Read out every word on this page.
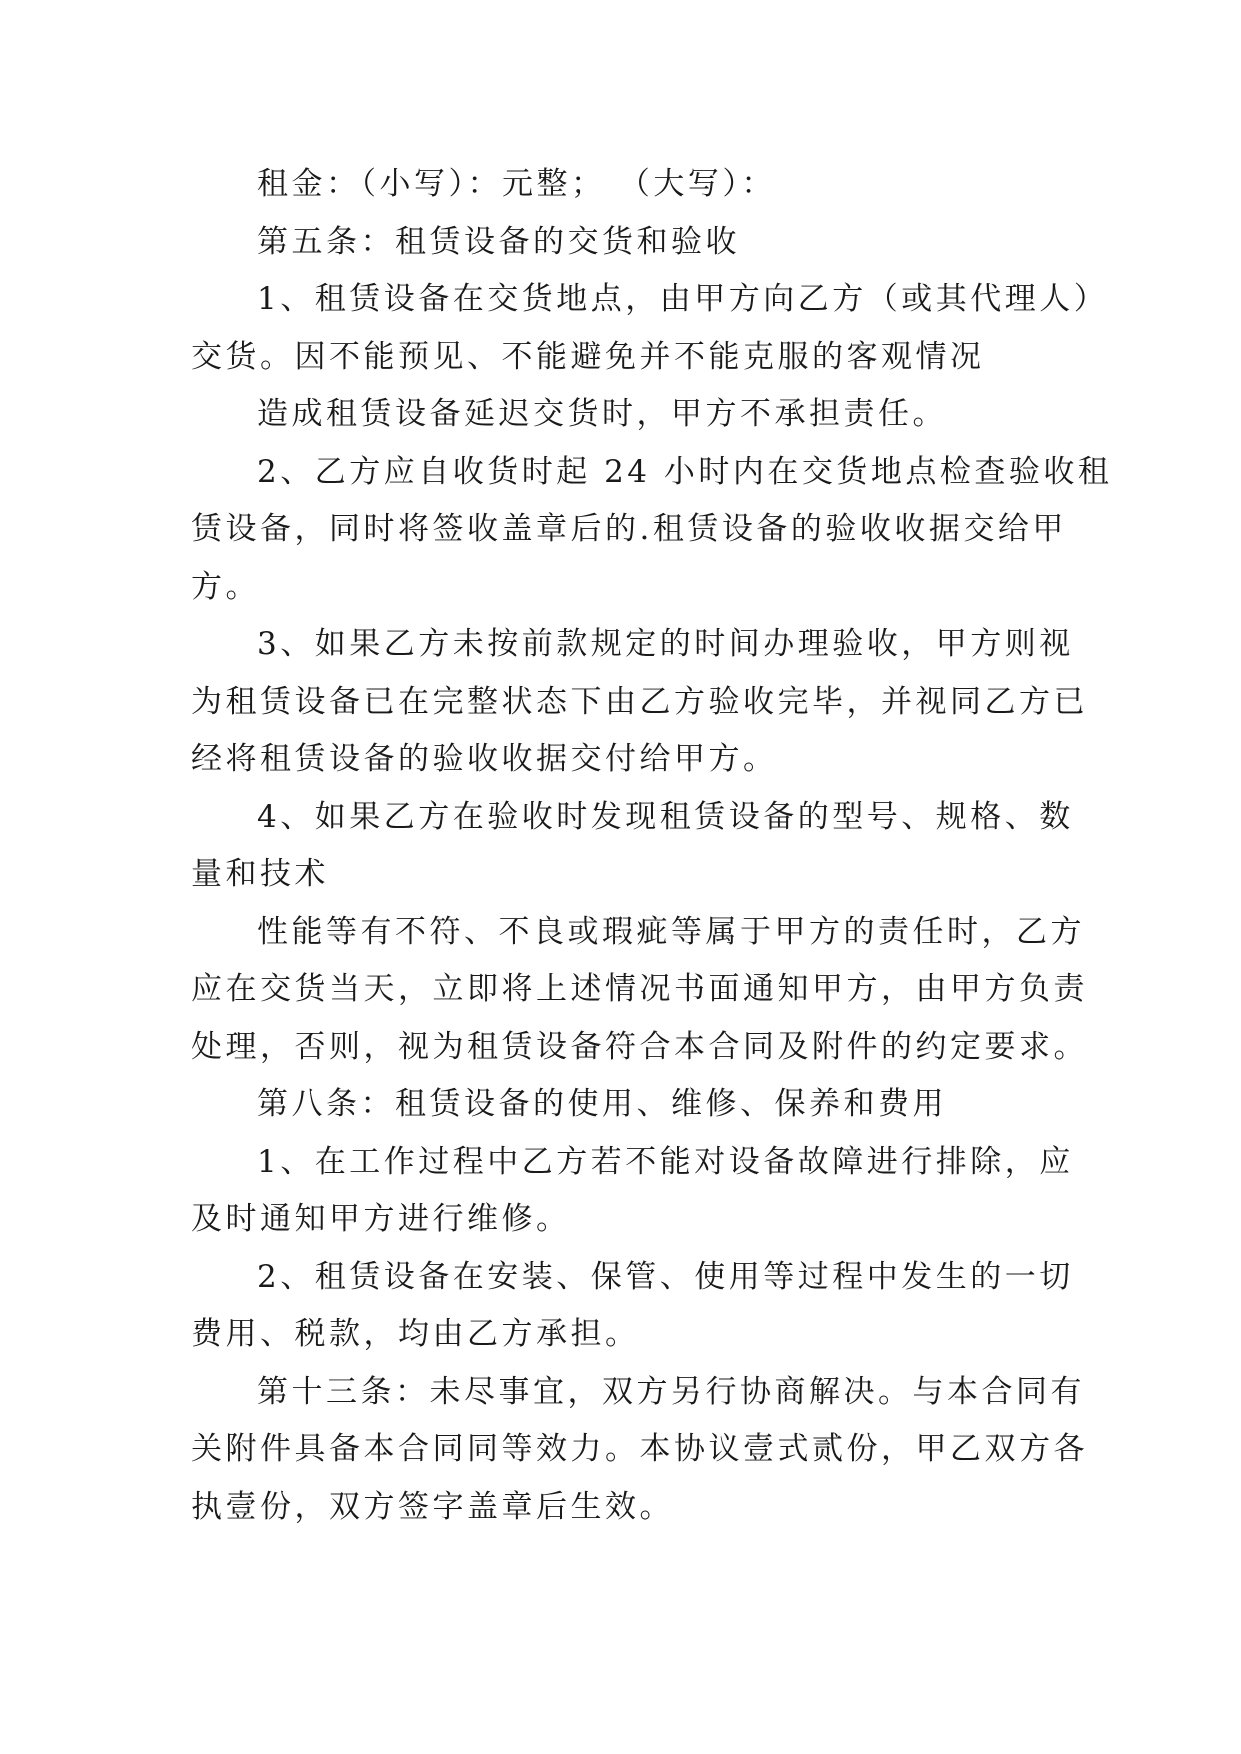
租金：（小写）：元整； （大写）：
第五条：租赁设备的交货和验收
1、租赁设备在交货地点，由甲方向乙方（或其代理人）
交货。因不能预见、不能避免并不能克服的客观情况
造成租赁设备延迟交货时，甲方不承担责任。
2、乙方应自收货时起 24 小时内在交货地点检查验收租
赁设备，同时将签收盖章后的.租赁设备的验收收据交给甲
方。
3、如果乙方未按前款规定的时间办理验收，甲方则视
为租赁设备已在完整状态下由乙方验收完毕，并视同乙方已
经将租赁设备的验收收据交付给甲方。
4、如果乙方在验收时发现租赁设备的型号、规格、数
量和技术
性能等有不符、不良或瑕疵等属于甲方的责任时，乙方
应在交货当天，立即将上述情况书面通知甲方，由甲方负责
处理，否则，视为租赁设备符合本合同及附件的约定要求。
第八条：租赁设备的使用、维修、保养和费用
1、在工作过程中乙方若不能对设备故障进行排除，应
及时通知甲方进行维修。
2、租赁设备在安装、保管、使用等过程中发生的一切
费用、税款，均由乙方承担。
第十三条：未尽事宜，双方另行协商解决。与本合同有
关附件具备本合同同等效力。本协议壹式贰份，甲乙双方各
执壹份，双方签字盖章后生效。
